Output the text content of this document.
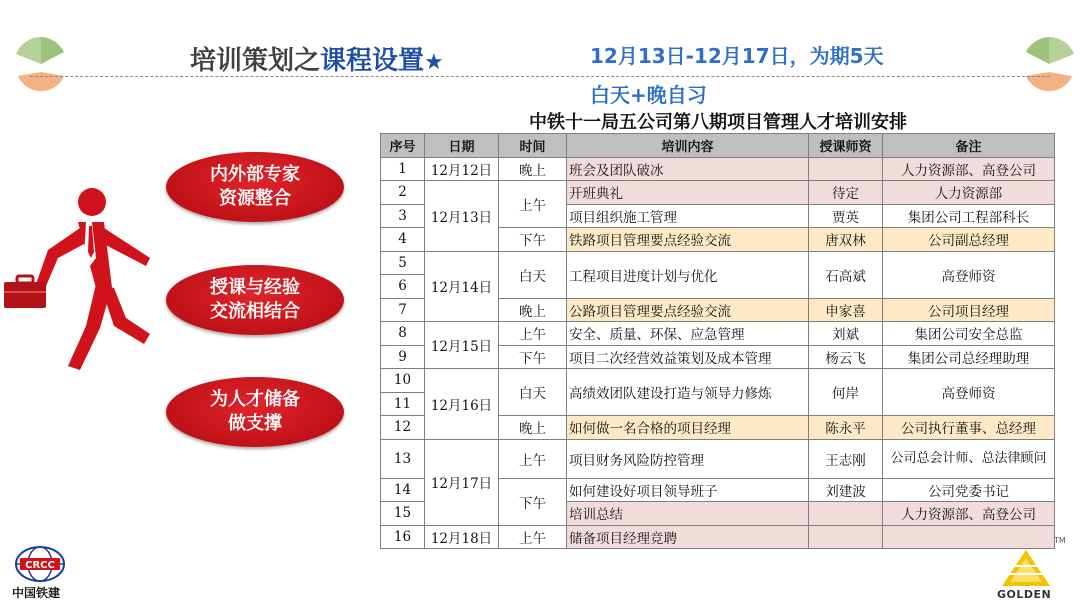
培训策划之课程设置★	12月13日-12月17日，为期5天
白天+晚自习
内外部专家
资源整合
授课与经验
交流相结合
为人才储备
做支撑
中铁十一局五公司第八期项目管理人才培训安排
序号	日期	时间	培训内容	授课师资	备注
1	12月12日	晚上	班会及团队破冰		人力资源部、高登公司
2	12月13日	上午	开班典礼	待定	人力资源部
3			项目组织施工管理	贾英	集团公司工程部科长
4		下午	铁路项目管理要点经验交流	唐双林	公司副总经理
5	12月14日	白天	工程项目进度计划与优化	石高斌	高登师资
6					
7		晚上	公路项目管理要点经验交流	申家喜	公司项目经理
8	12月15日	上午	安全、质量、环保、应急管理	刘斌	集团公司安全总监
9		下午	项目二次经营效益策划及成本管理	杨云飞	集团公司总经理助理
10	12月16日	白天	高绩效团队建设打造与领导力修炼	何岸	高登师资
11					
12		晚上	如何做一名合格的项目经理	陈永平	公司执行董事、总经理
13	12月17日	上午	项目财务风险防控管理	王志刚	公司总会计师、总法律顾问
14		下午	如何建设好项目领导班子	刘建波	公司党委书记
15			培训总结		人力资源部、高登公司
16	12月18日	上午	储备项目经理竞聘			TM
CRCC
中国铁建	GOLDEN
